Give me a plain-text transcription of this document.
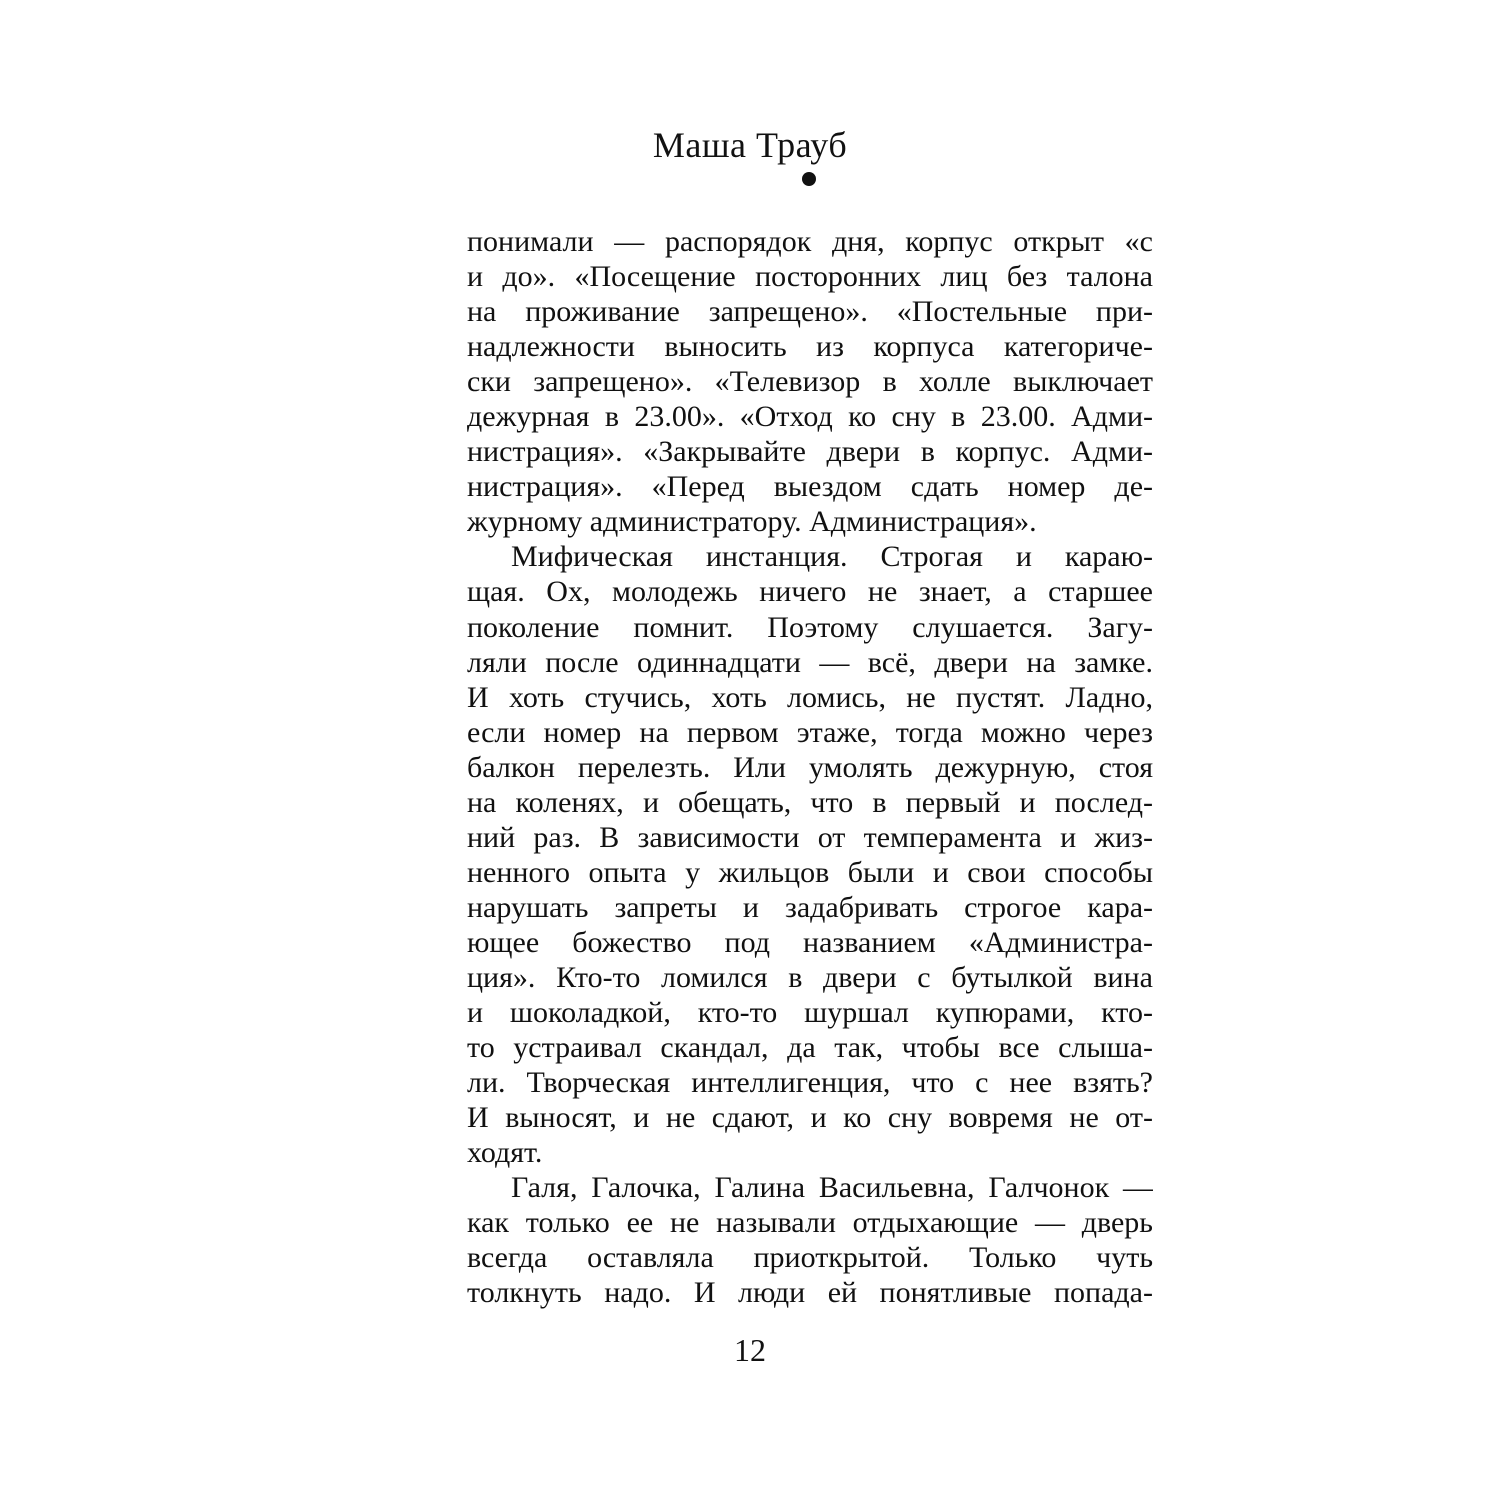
Маша Трауб
понимали — распорядок дня, корпус открыт «с
и до». «Посещение посторонних лиц без талона
на проживание запрещено». «Постельные при-
надлежности выносить из корпуса категориче-
ски запрещено». «Телевизор в холле выключает
дежурная в 23.00». «Отход ко сну в 23.00. Адми-
нистрация». «Закрывайте двери в корпус. Адми-
нистрация». «Перед выездом сдать номер де-
журному администратору. Администрация».
Мифическая инстанция. Строгая и караю-
щая. Ох, молодежь ничего не знает, а старшее
поколение помнит. Поэтому слушается. Загу-
ляли после одиннадцати — всё, двери на замке.
И хоть стучись, хоть ломись, не пустят. Ладно,
если номер на первом этаже, тогда можно через
балкон перелезть. Или умолять дежурную, стоя
на коленях, и обещать, что в первый и послед-
ний раз. В зависимости от темперамента и жиз-
ненного опыта у жильцов были и свои способы
нарушать запреты и задабривать строгое кара-
ющее божество под названием «Администра-
ция». Кто-то ломился в двери с бутылкой вина
и шоколадкой, кто-то шуршал купюрами, кто-
то устраивал скандал, да так, чтобы все слыша-
ли. Творческая интеллигенция, что с нее взять?
И выносят, и не сдают, и ко сну вовремя не от-
ходят.
Галя, Галочка, Галина Васильевна, Галчонок —
как только ее не называли отдыхающие — дверь
всегда оставляла приоткрытой. Только чуть
толкнуть надо. И люди ей понятливые попада-
12
